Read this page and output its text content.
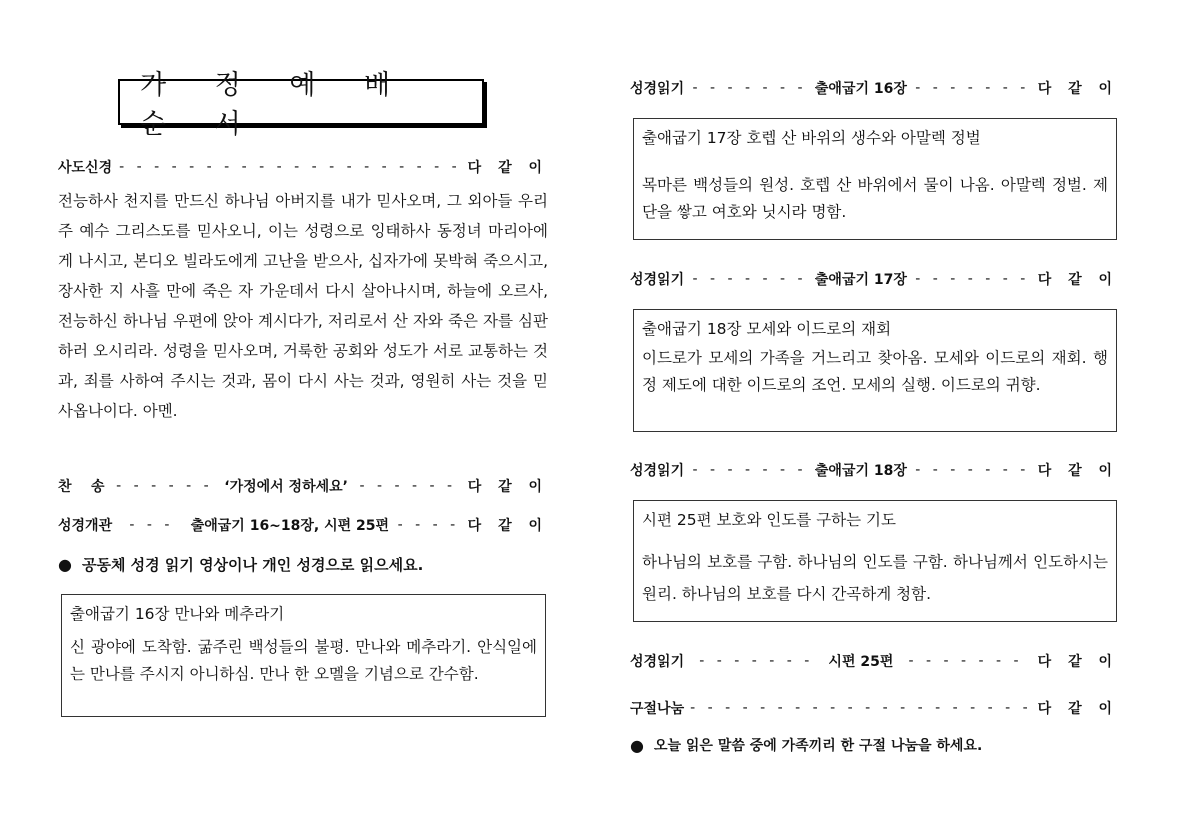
가 정 예 배 순 서
사도신경 - - - - - - - - - - - - - - - - - - - - 다 같 이
전능하사 천지를 만드신 하나님 아버지를 내가 믿사오며, 그 외아들 우리 주 예수 그리스도를 믿사오니, 이는 성령으로 잉태하사 동정녀 마리아에게 나시고, 본디오 빌라도에게 고난을 받으사, 십자가에 못박혀 죽으시고, 장사한 지 사흘 만에 죽은 자 가운데서 다시 살아나시며, 하늘에 오르사, 전능하신 하나님 우편에 앉아 계시다가, 저리로서 산 자와 죽은 자를 심판하러 오시리라. 성령을 믿사오며, 거룩한 공회와 성도가 서로 교통하는 것과, 죄를 사하여 주시는 것과, 몸이 다시 사는 것과, 영원히 사는 것을 믿사옵나이다. 아멘.
찬    송 - - - - - - ‘가정에서 정하세요’ - - - - - - 다 같 이
성경개관	- - -	출애굽기 16~18장, 시편 25편 - - - - 다 같 이
● 공동체 성경 읽기 영상이나 개인 성경으로 읽으세요.
출애굽기 16장 만나와 메추라기
신 광야에 도착함. 굶주린 백성들의 불평. 만나와 메추라기. 안식일에는 만나를 주시지 아니하심. 만나 한 오멜을 기념으로 간수함.
성경읽기 - - - - - - - 출애굽기 16장 - - - - - - - 다 같 이
출애굽기 17장 호렙 산 바위의 생수와 아말렉 정벌
목마른 백성들의 원성. 호렙 산 바위에서 물이 나옴. 아말렉 정벌. 제단을 쌓고 여호와 닛시라 명함.
성경읽기 - - - - - - - 출애굽기 17장 - - - - - - - 다 같 이
출애굽기 18장 모세와 이드로의 재회
이드로가 모세의 가족을 거느리고 찾아옴. 모세와 이드로의 재회. 행정 제도에 대한 이드로의 조언. 모세의 실행. 이드로의 귀향.
성경읽기 - - - - - - - 출애굽기 18장 - - - - - - - 다 같 이
시편 25편 보호와 인도를 구하는 기도
하나님의 보호를 구함. 하나님의 인도를 구함. 하나님께서 인도하시는 원리. 하나님의 보호를 다시 간곡하게 청함.
성경읽기	- - - - - - -	시편 25편	- - - - - - -	다 같 이
구절나눔 - - - - - - - - - - - - - - - - - - - - 다 같 이
● 오늘 읽은 말씀 중에 가족끼리 한 구절 나눔을 하세요.
